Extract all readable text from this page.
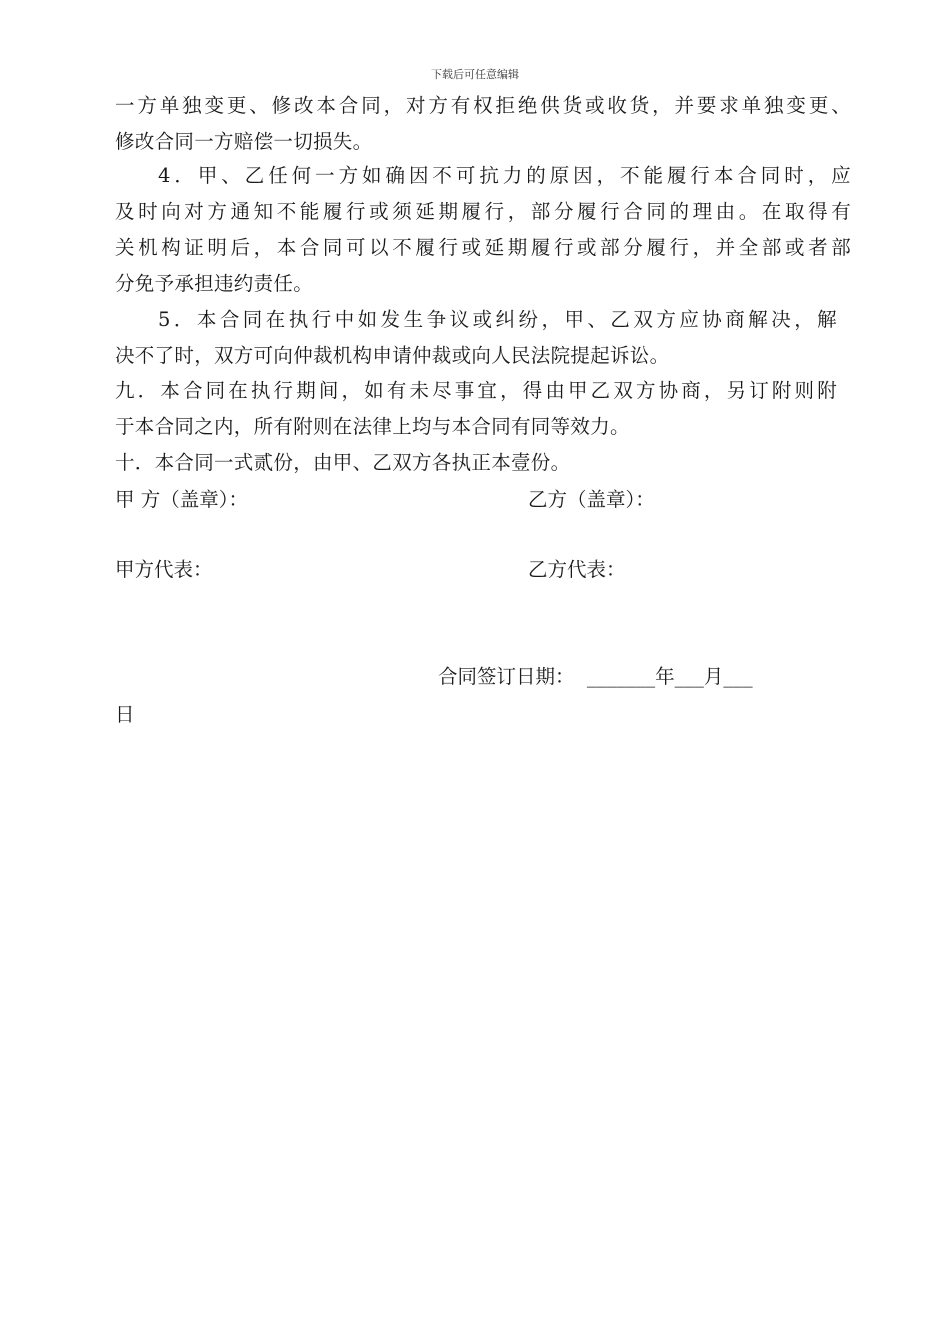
下载后可任意编辑
一方单独变更、修改本合同，对方有权拒绝供货或收货，并要求单独变更、
修改合同一方赔偿一切损失。
4．甲、乙任何一方如确因不可抗力的原因，不能履行本合同时，应
及时向对方通知不能履行或须延期履行，部分履行合同的理由。在取得有
关机构证明后，本合同可以不履行或延期履行或部分履行，并全部或者部
分免予承担违约责任。
5．本合同在执行中如发生争议或纠纷，甲、乙双方应协商解决，解
决不了时，双方可向仲裁机构申请仲裁或向人民法院提起诉讼。
九．本合同在执行期间，如有未尽事宜，得由甲乙双方协商，另订附则附
于本合同之内，所有附则在法律上均与本合同有同等效力。
十．本合同一式贰份，由甲、乙双方各执正本壹份。
甲 方（盖章）：	乙方（盖章）：
甲方代表：	乙方代表：
合同签订日期：  _______年___月___
日
